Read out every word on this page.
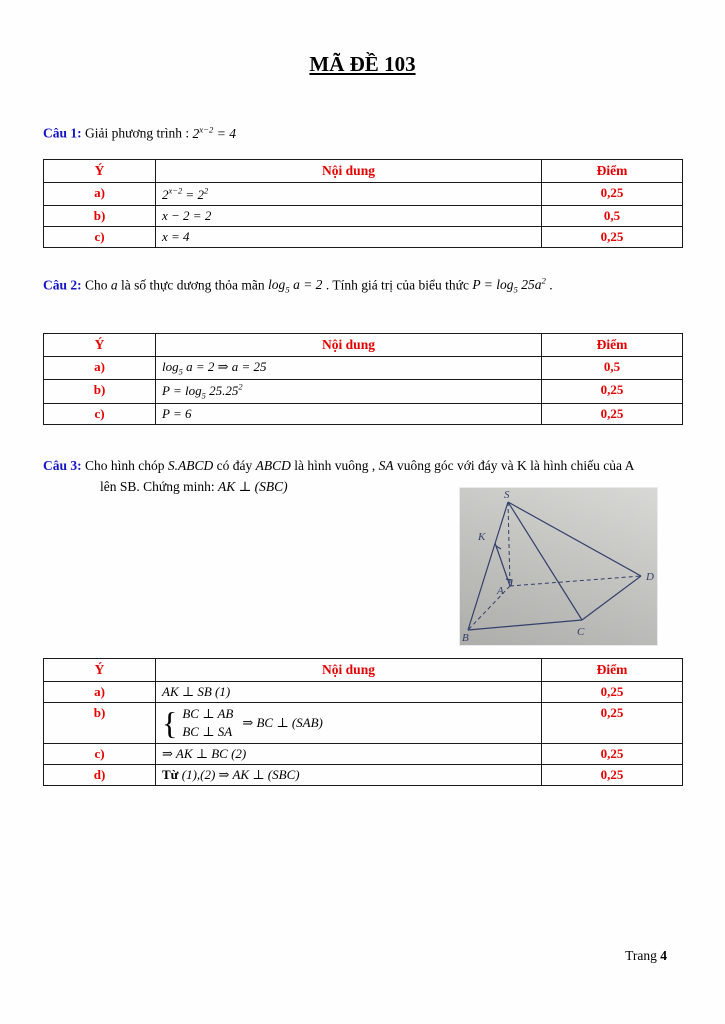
MÃ ĐỀ 103

Câu 1: Giải phương trình : $2^{x-2} = 4$

Ý	Nội dung	Điểm
a)	$2^{x-2} = 2^2$	0,25
b)	x − 2 = 2	0,5
c)	x = 4	0,25

Câu 2: Cho a là số thực dương thỏa mãn $\log_5 a = 2$ . Tính giá trị của biểu thức $P = \log_5 25a^2$ .

Ý	Nội dung	Điểm
a)	$\log_5 a = 2$ ⇒ a = 25	0,5
b)	$P = \log_5 25.25^2$	0,25
c)	P = 6	0,25

Câu 3: Cho hình chóp S.ABCD có đáy ABCD là hình vuông , SA vuông góc với đáy và K là hình chiếu của A lên SB. Chứng minh: AK ⊥ (SBC)

S
K
A
B	C
D
Ý	Nội dung	Điểm
a)	AK ⊥ SB (1)	0,25
b)	{ BC ⊥ AB
BC ⊥ SA
⇒ BC ⊥ (SAB)	0,25
c)	⇒ AK ⊥ BC (2)	0,25
d)	Từ (1),(2) ⇒ AK ⊥ (SBC)	0,25
Trang 4
